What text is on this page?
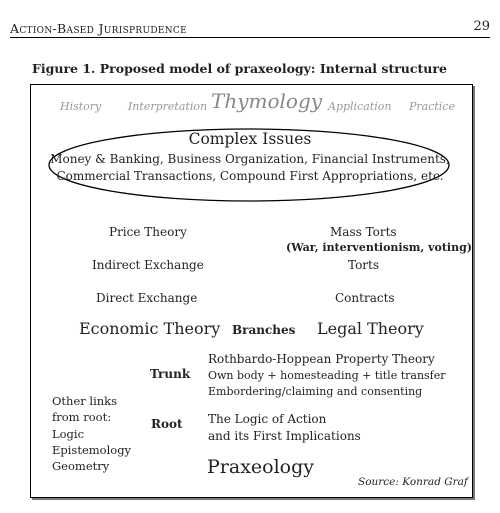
Action-Based Jurisprudence	29
Figure 1. Proposed model of praxeology: Internal structure
History Interpretation Thymology Application Practice
Complex Issues
Money & Banking, Business Organization, Financial Instruments,
Commercial Transactions, Compound First Appropriations, etc.
Price Theory
Indirect Exchange
Direct Exchange
Mass Torts
(War, interventionism, voting)
Torts
Contracts
Economic Theory Branches Legal Theory
Trunk
Rothbardo-Hoppean Property Theory
Own body + homesteading + title transfer
Embordering/claiming and consenting
Other links
from root:
Logic
Epistemology
Geometry
Root The Logic of Action
and its First Implications
Praxeology
Source: Konrad Graf
